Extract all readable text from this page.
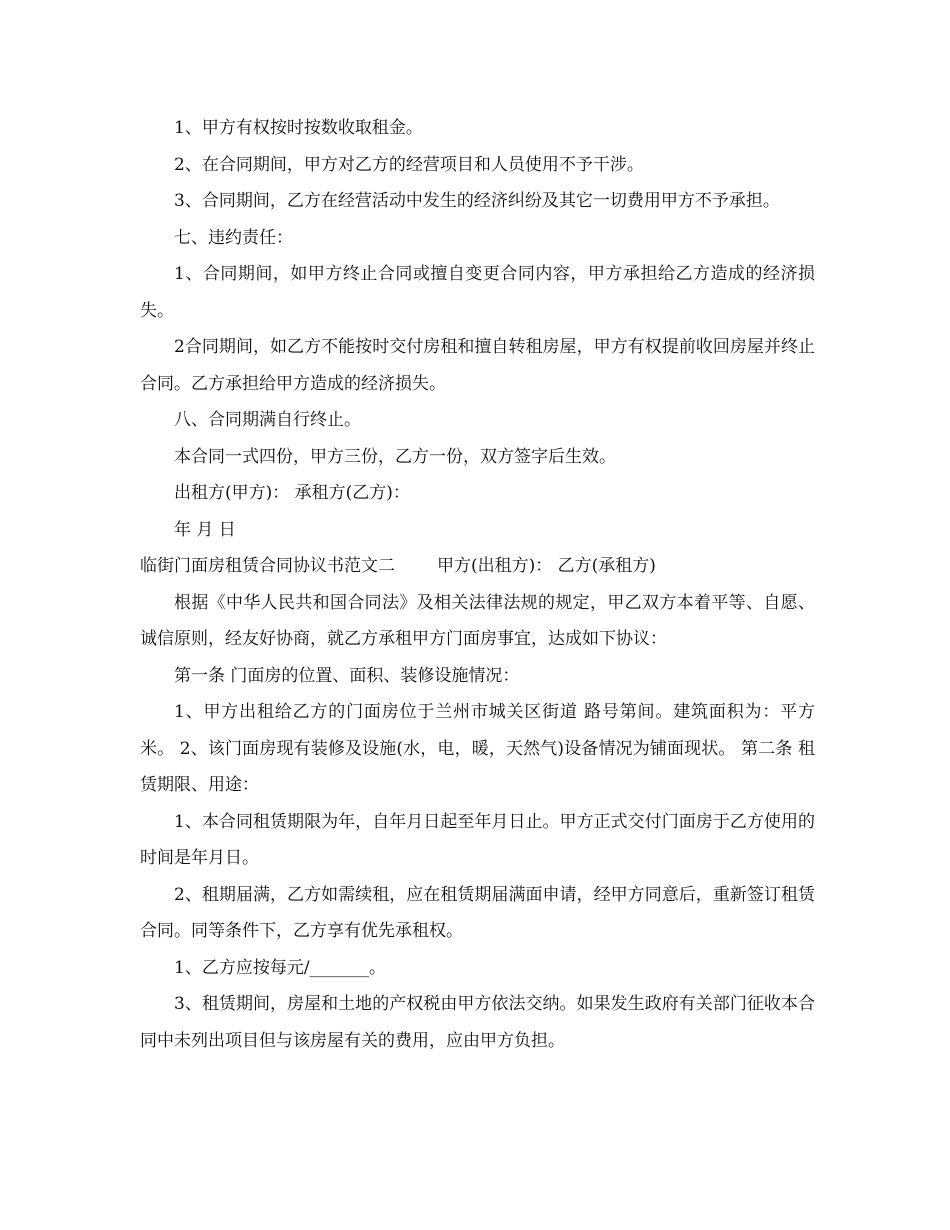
1、甲方有权按时按数收取租金。

2、在合同期间，甲方对乙方的经营项目和人员使用不予干涉。

3、合同期间，乙方在经营活动中发生的经济纠纷及其它一切费用甲方不予承担。

七、违约责任：

1、合同期间，如甲方终止合同或擅自变更合同内容，甲方承担给乙方造成的经济损失。

2合同期间，如乙方不能按时交付房租和擅自转租房屋，甲方有权提前收回房屋并终止合同。乙方承担给甲方造成的经济损失。

八、合同期满自行终止。

本合同一式四份，甲方三份，乙方一份，双方签字后生效。

出租方(甲方)： 承租方(乙方)：

年 月 日

临街门面房租赁合同协议书范文二 甲方(出租方)： 乙方(承租方)

根据《中华人民共和国合同法》及相关法律法规的规定，甲乙双方本着平等、自愿、诚信原则，经友好协商，就乙方承租甲方门面房事宜，达成如下协议：

第一条 门面房的位置、面积、装修设施情况：

1、甲方出租给乙方的门面房位于兰州市城关区街道 路号第间。建筑面积为：平方米。 2、该门面房现有装修及设施(水，电，暖，天然气)设备情况为铺面现状。 第二条 租赁期限、用途：

1、本合同租赁期限为年，自年月日起至年月日止。甲方正式交付门面房于乙方使用的时间是年月日。

2、租期届满，乙方如需续租，应在租赁期届满面申请，经甲方同意后，重新签订租赁合同。同等条件下，乙方享有优先承租权。

1、乙方应按每元/_______。

3、租赁期间，房屋和土地的产权税由甲方依法交纳。如果发生政府有关部门征收本合同中未列出项目但与该房屋有关的费用，应由甲方负担。
